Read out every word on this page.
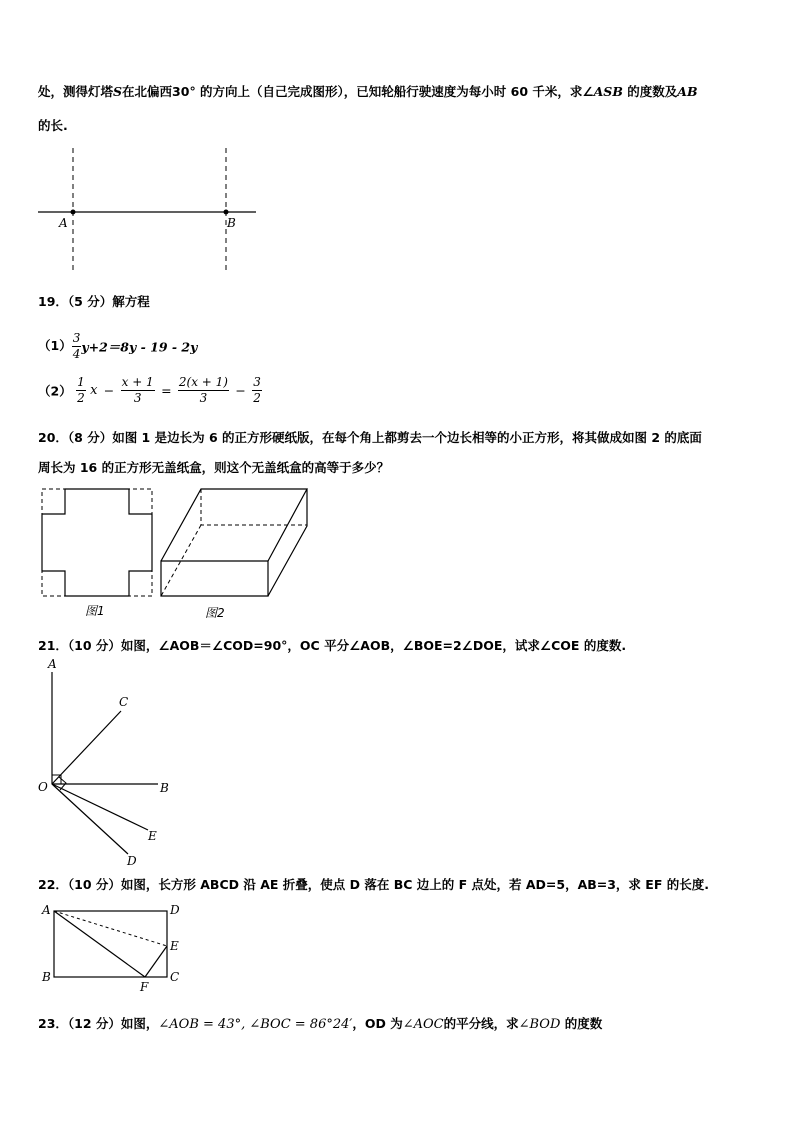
处，测得灯塔S在北偏西30° 的方向上（自己完成图形），已知轮船行驶速度为每小时 60 千米，求∠ASB 的度数及AB
的长.
A	B
19．（5 分）解方程
$(1) \frac{3}{4} y+2=8y - 19 - 2y$
$(2) \frac{1}{2}$ $x - \frac{x + 1}{3} = \frac{2(x + 1)}{3} - \frac{3}{2}$
20．（8 分）如图 1 是边长为 6 的正方形硬纸版，在每个角上都剪去一个边长相等的小正方形，将其做成如图 2 的底面
周长为 16 的正方形无盖纸盒，则这个无盖纸盒的高等于多少？
图1	图2
21．（10 分）如图，∠AOB＝∠COD=90°，OC 平分∠AOB，∠BOE=2∠DOE，试求∠COE 的度数.
A
C
B
O
E
D
22．（10 分）如图，长方形 ABCD 沿 AE 折叠，使点 D 落在 BC 边上的 F 点处，若 AD=5，AB=3，求 EF 的长度.
A	D
E
B	C
F
23．（12 分）如图，∠AOB = 43°, ∠BOC = 86°24′，OD 为∠AOC的平分线，求∠BOD 的度数
